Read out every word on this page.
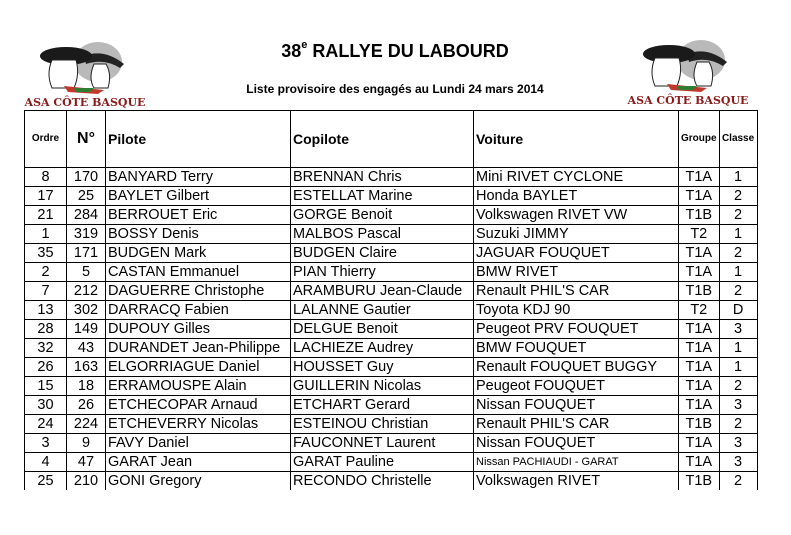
ASA CÔTE BASQUE	ASA CÔTE BASQUE
38e RALLYE DU LABOURD
Liste provisoire des engagés au Lundi 24 mars 2014
Ordre	N°	Pilote	Copilote	Voiture	Groupe	Classe
8	170	BANYARD Terry	BRENNAN Chris	Mini RIVET CYCLONE	T1A	1
17	25	BAYLET Gilbert	ESTELLAT Marine	Honda BAYLET	T1A	2
21	284	BERROUET Eric	GORGE Benoit	Volkswagen RIVET VW	T1B	2
1	319	BOSSY Denis	MALBOS Pascal	Suzuki JIMMY	T2	1
35	171	BUDGEN Mark	BUDGEN Claire	JAGUAR FOUQUET	T1A	2
2	5	CASTAN Emmanuel	PIAN Thierry	BMW RIVET	T1A	1
7	212	DAGUERRE Christophe	ARAMBURU Jean-Claude	Renault PHIL'S CAR	T1B	2
13	302	DARRACQ Fabien	LALANNE Gautier	Toyota KDJ 90	T2	D
28	149	DUPOUY Gilles	DELGUE Benoit	Peugeot PRV FOUQUET	T1A	3
32	43	DURANDET Jean-Philippe	LACHIEZE Audrey	BMW FOUQUET	T1A	1
26	163	ELGORRIAGUE Daniel	HOUSSET Guy	Renault FOUQUET BUGGY	T1A	1
15	18	ERRAMOUSPE Alain	GUILLERIN Nicolas	Peugeot FOUQUET	T1A	2
30	26	ETCHECOPAR Arnaud	ETCHART Gerard	Nissan FOUQUET	T1A	3
24	224	ETCHEVERRY Nicolas	ESTEINOU Christian	Renault PHIL'S CAR	T1B	2
3	9	FAVY Daniel	FAUCONNET Laurent	Nissan FOUQUET	T1A	3
4	47	GARAT Jean	GARAT Pauline	Nissan PACHIAUDI - GARAT	T1A	3
25	210	GONI Gregory	RECONDO Christelle	Volkswagen RIVET	T1B	2
